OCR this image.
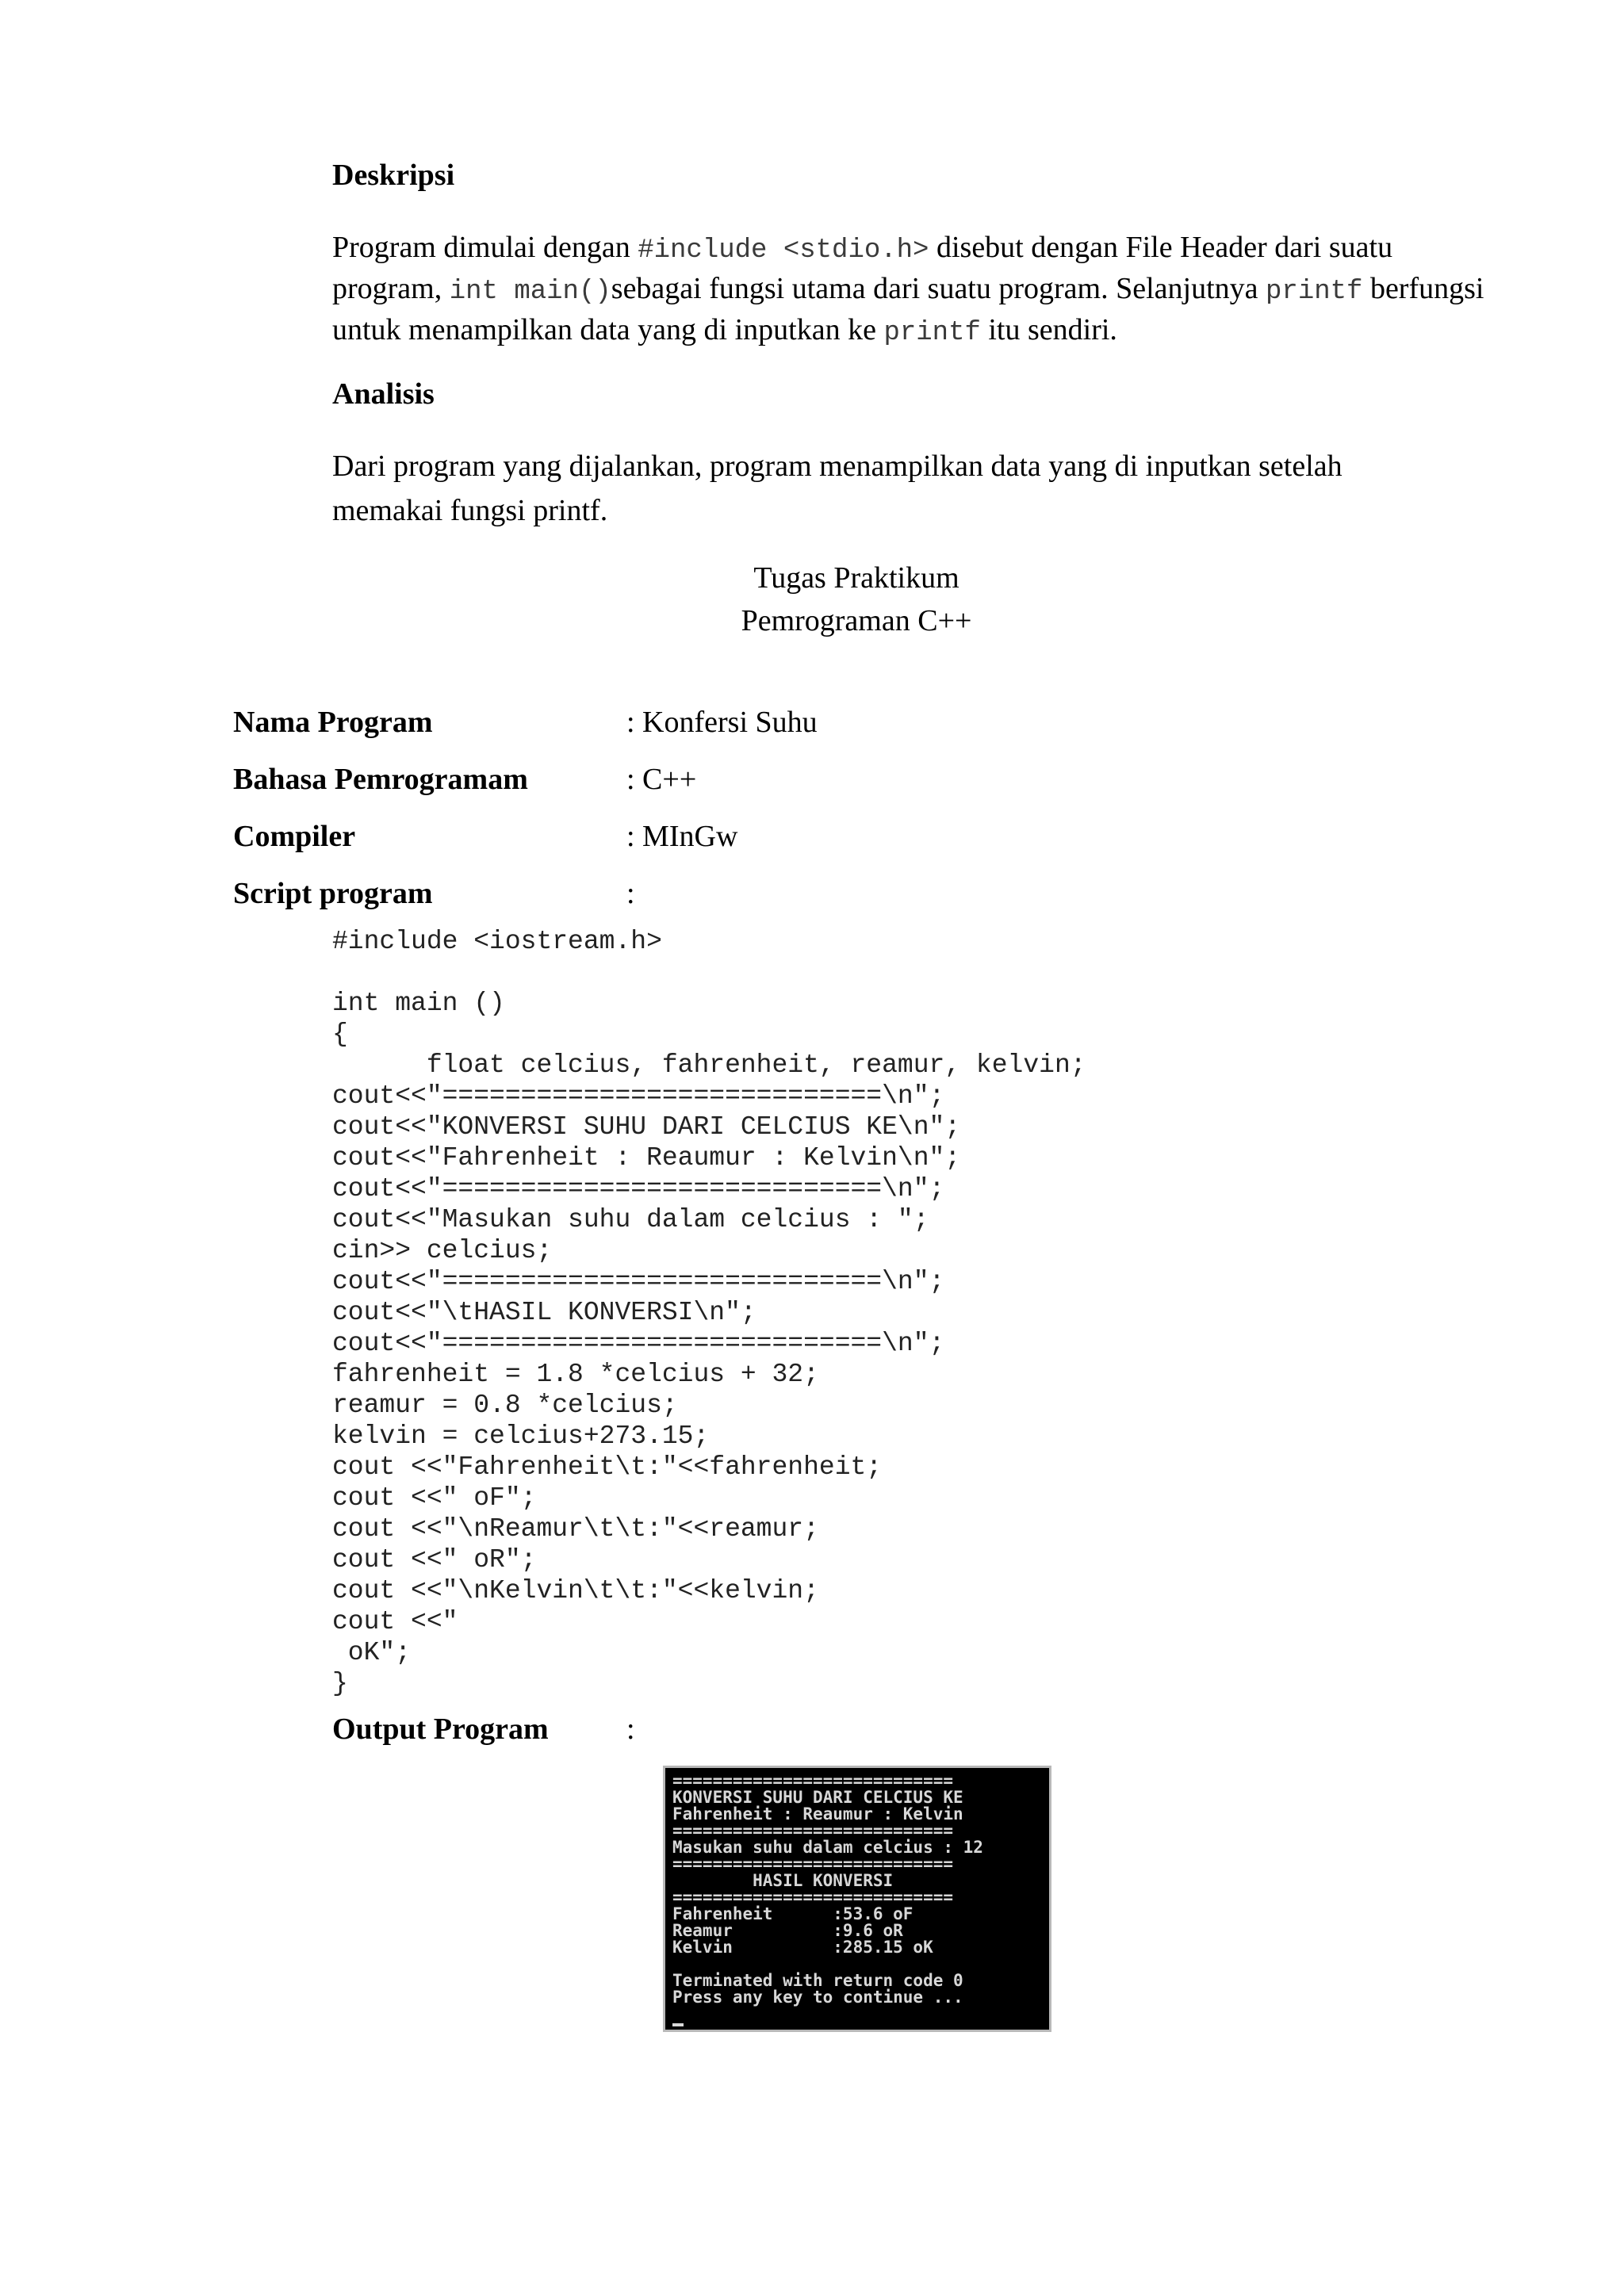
Deskripsi
Program dimulai dengan #include <stdio.h> disebut dengan File Header dari suatu program, int main()sebagai fungsi utama dari suatu program. Selanjutnya printf berfungsi untuk menampilkan data yang di inputkan ke printf itu sendiri.
Analisis
Dari program yang dijalankan, program menampilkan data yang di inputkan setelah memakai fungsi printf.
Tugas Praktikum
Pemrograman C++
Nama Program	: Konfersi Suhu
Bahasa Pemrogramam	: C++
Compiler	: MInGw
Script program	:
#include <iostream.h>

int main ()
{
float celcius, fahrenheit, reamur, kelvin;
cout<<"============================\n";
cout<<"KONVERSI SUHU DARI CELCIUS KE\n";
cout<<"Fahrenheit : Reaumur : Kelvin\n";
cout<<"============================\n";
cout<<"Masukan suhu dalam celcius : ";
cin>> celcius;
cout<<"============================\n";
cout<<"\tHASIL KONVERSI\n";
cout<<"============================\n";
fahrenheit = 1.8 *celcius + 32;
reamur = 0.8 *celcius;
kelvin = celcius+273.15;
cout <<"Fahrenheit\t:"<<fahrenheit;
cout <<" oF";
cout <<"\nReamur\t\t:"<<reamur;
cout <<" oR";
cout <<"\nKelvin\t\t:"<<kelvin;
cout <<"
oK";
}
Output Program	:
============================
KONVERSI SUHU DARI CELCIUS KE
Fahrenheit : Reaumur : Kelvin
============================
Masukan suhu dalam celcius : 12
============================
HASIL KONVERSI
============================
Fahrenheit      :53.6 oF
Reamur          :9.6 oR
Kelvin          :285.15 oK

Terminated with return code 0
Press any key to continue ...
